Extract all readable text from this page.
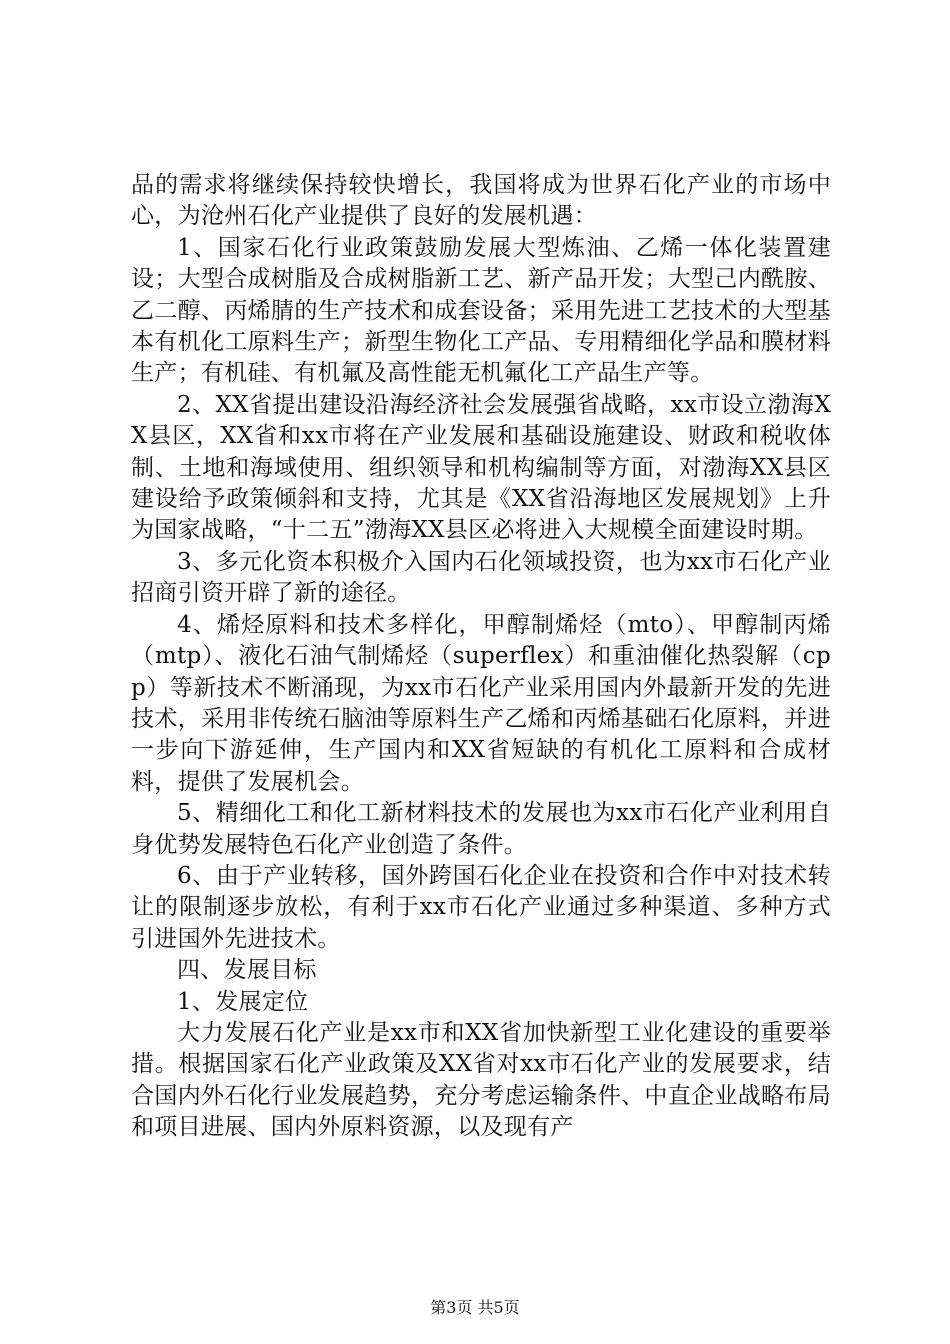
品的需求将继续保持较快增长，我国将成为世界石化产业的市场中心，为沧州石化产业提供了良好的发展机遇：

1、国家石化行业政策鼓励发展大型炼油、乙烯一体化装置建设；大型合成树脂及合成树脂新工艺、新产品开发；大型己内酰胺、乙二醇、丙烯腈的生产技术和成套设备；采用先进工艺技术的大型基本有机化工原料生产；新型生物化工产品、专用精细化学品和膜材料生产；有机硅、有机氟及高性能无机氟化工产品生产等。

2、XX省提出建设沿海经济社会发展强省战略，xx市设立渤海XX县区，XX省和xx市将在产业发展和基础设施建设、财政和税收体制、土地和海域使用、组织领导和机构编制等方面，对渤海XX县区建设给予政策倾斜和支持，尤其是《XX省沿海地区发展规划》上升为国家战略，“十二五”渤海XX县区必将进入大规模全面建设时期。

3、多元化资本积极介入国内石化领域投资，也为xx市石化产业招商引资开辟了新的途径。

4、烯烃原料和技术多样化，甲醇制烯烃（mto）、甲醇制丙烯（mtp）、液化石油气制烯烃（superflex）和重油催化热裂解（cpp）等新技术不断涌现，为xx市石化产业采用国内外最新开发的先进技术，采用非传统石脑油等原料生产乙烯和丙烯基础石化原料，并进一步向下游延伸，生产国内和XX省短缺的有机化工原料和合成材料，提供了发展机会。

5、精细化工和化工新材料技术的发展也为xx市石化产业利用自身优势发展特色石化产业创造了条件。

6、由于产业转移，国外跨国石化企业在投资和合作中对技术转让的限制逐步放松，有利于xx市石化产业通过多种渠道、多种方式引进国外先进技术。

四、发展目标

1、发展定位

大力发展石化产业是xx市和XX省加快新型工业化建设的重要举措。根据国家石化产业政策及XX省对xx市石化产业的发展要求，结合国内外石化行业发展趋势，充分考虑运输条件、中直企业战略布局和项目进展、国内外原料资源，以及现有产

第3页 共5页
